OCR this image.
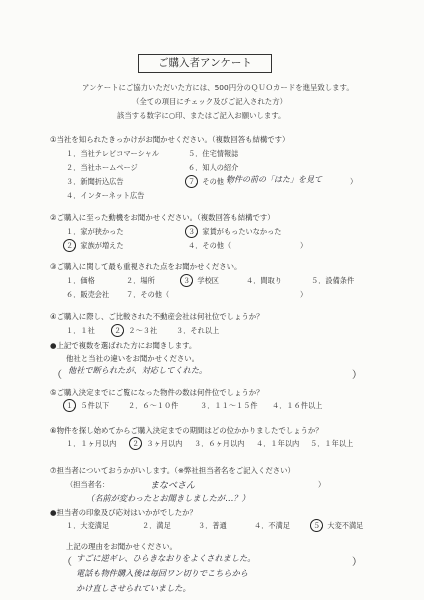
ご購入者アンケート
アンケートにご協力いただいた方には、500円分のＱＵＯカードを進呈致します。
（全ての項目にチェック及びご記入された方）
該当する数字に○印、またはご記入お願いします。
①当社を知られたきっかけがお聞かせください。（複数回答も結構です）
１．当社テレビコマーシャル	５．住宅情報誌
２．当社ホームページ	６．知人の紹介
３．新聞折込広告	７．その他（
物件の前の「はた」を見て	）
４．インターネット広告
②ご購入に至った動機をお聞かせください。（複数回答も結構です）
１．家が狭かった	３．家賃がもったいなかった
２．家族が増えた	４．その他（	）
③ご購入に関して最も重視された点をお聞かせください。
１．価格	２．場所	３．学校区	４．間取り	５．設備条件
６．販売会社 ７．その他（	）
④ご購入に際し、ご比較された不動産会社は何社位でしょうか？
１．１社	２．２〜３社	３．それ以上
●上記で複数を選ばれた方にお聞きします。
他社と当社の違いをお聞かせください。
（ 他社で断られたが、対応してくれた。	）
⑤ご購入決定までにご覧になった物件の数は何件位でしょうか？
１．５件以下	２．６〜１０件	３．１１〜１５件 ４．１６件以上
⑥物件を探し始めてからご購入決定までの期間はどの位かかりましたでしょうか？
１．１ヶ月以内 ２．３ヶ月以内 ３．６ヶ月以内 ４．１年以内 ５．１年以上
⑦担当者についておうかがいします。（※弊社担当者名をご記入ください）
（担当者名：	まなべさん	）
（名前が変わったとお聞きしましたが…？）
●担当者の印象及び応対はいかがでしたか？
１．大変満足	２．満足	３．普通	４．不満足	５．大変不満足
上記の理由をお聞かせください。
（ すごに逆ギレ、ひらきなおりをよくされました。	）
電話も物件購入後は毎回ワン切りでこちらから
かけ直しさせられていました。
